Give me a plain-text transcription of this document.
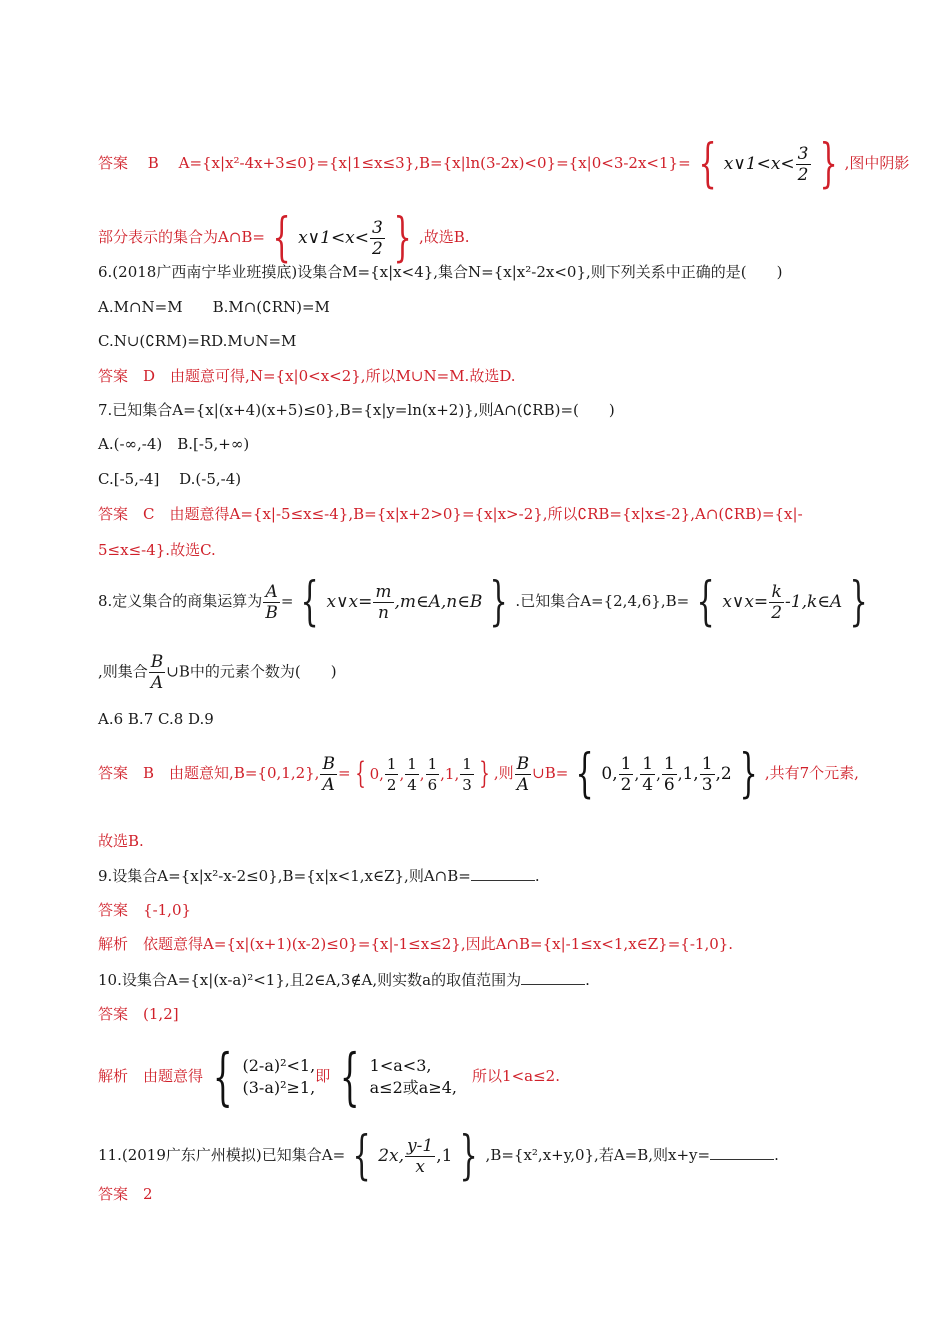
答案　 B　 A={x|x²-4x+3≤0}={x|1≤x≤3},B={x|ln(3-2x)<0}={x|0<3-2x<1}= { x∨1<x< $\frac{3}{2}$ } ,图中阴影
部分表示的集合为A∩B= { x∨1<x< $\frac{3}{2}$ } ,故选B.
6.(2018广西南宁毕业班摸底)设集合M={x|x<4},集合N={x|x²-2x<0},则下列关系中正确的是(　　)
A.M∩N=M　　B.M∩(∁RN)=M
C.N∪(∁RM)=RD.M∪N=M
答案　 D　由题意可得,N={x|0<x<2},所以M∪N=M.故选D.
7.已知集合A={x|(x+4)(x+5)≤0},B={x|y=ln(x+2)},则A∩(∁RB)=(　　)
A.(-∞,-4)　B.[-5,+∞)
C.[-5,-4]　 D.(-5,-4)
答案　 C　由题意得A={x|-5≤x≤-4},B={x|x+2>0}={x|x>-2},所以∁RB={x|x≤-2},A∩(∁RB)={x|-
5≤x≤-4}.故选C.
8.定义集合的商集运算为 $\frac{A}{B}$ = { x∨x= $\frac{m}{n}$ ,m∈A,n∈B } .已知集合A={2,4,6},B= { x∨x= $\frac{k}{2}$ -1,k∈A }
,则集合 $\frac{B}{A}$ ∪B中的元素个数为(　　)
A.6 B.7 C.8 D.9
答案　 B　由题意知,B={0,1,2}, $\frac{B}{A}$ = { 0, $\frac{1}{2}$ , $\frac{1}{4}$ , $\frac{1}{6}$ , 1, $\frac{1}{3}$ } ,则 $\frac{B}{A}$ ∪B= { 0, $\frac{1}{2}$ , $\frac{1}{4}$ , $\frac{1}{6}$ , 1, $\frac{1}{3} ,2$ } ,共有7个元素,
故选B.
9.设集合A={x|x²-x-2≤0},B={x|x<1,x∈Z},则A∩B=	.
答案　 {-1,0}
解析　 依题意得A={x|(x+1)(x-2)≤0}={x|-1≤x≤2},因此A∩B={x|-1≤x<1,x∈Z}={-1,0}.
10.设集合A={x|(x-a)²<1},且2∈A,3∉A,则实数a的取值范围为	.
答案　 (1,2]
解析　 由题意得 { (2-a)²<1,
(3-a)²≥1,
即 { 1<a<3,
a≤2或a≥4,
　所以1<a≤2.
11.(2019广东广州模拟)已知集合A= { 2x, $\frac{y-1}{x} ,1$ } ,B={x²,x+y,0},若A=B,则x+y=	.
答案　 2
